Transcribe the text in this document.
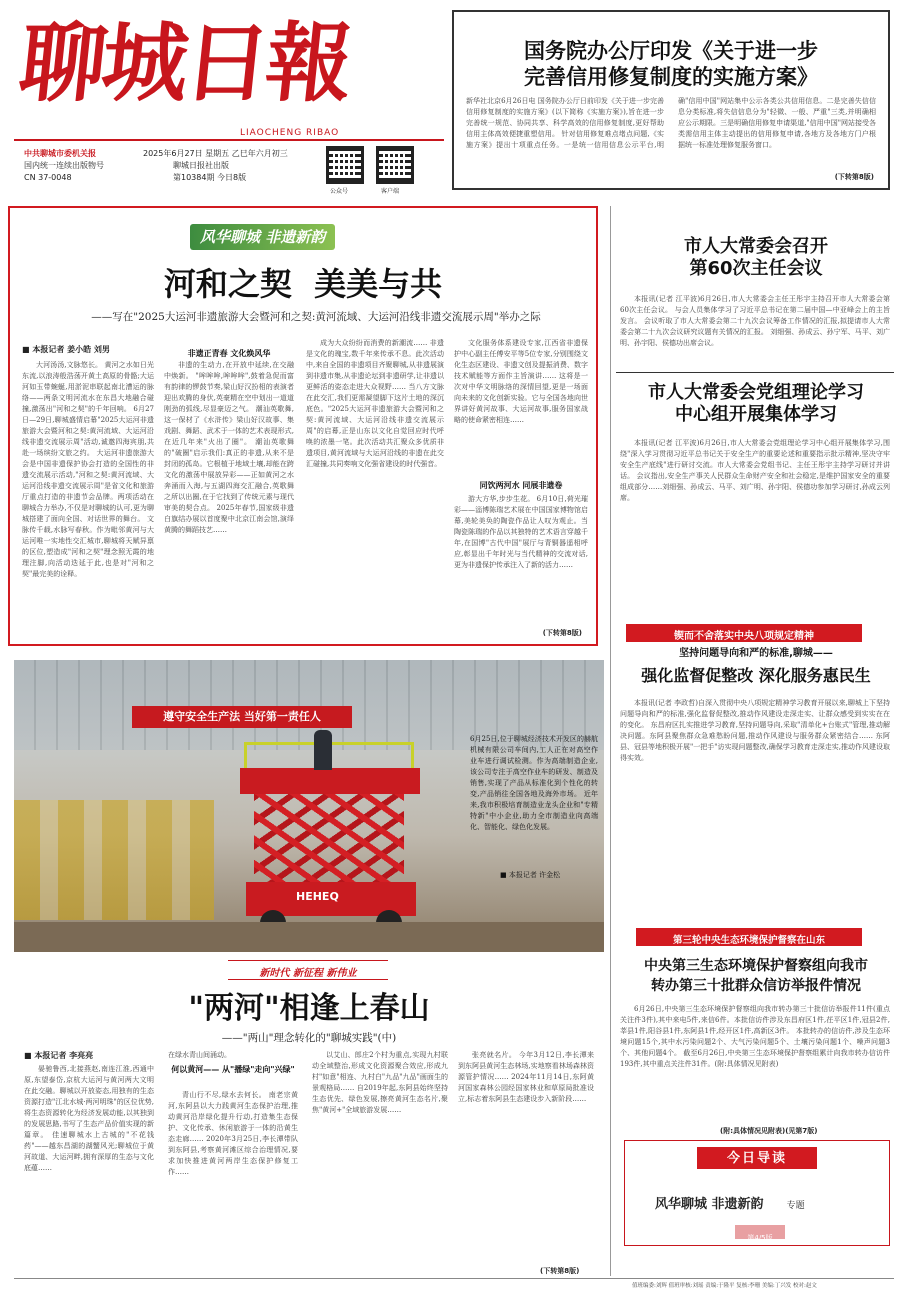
聊城日報
LIAOCHENG RIBAO
中共聊城市委机关报
国内统一连续出版物号
CN 37-0048
2025年6月27日 星期五 乙巳年六月初三
聊城日报社出版
第10384期 今日8版
公众号	客户端
国务院办公厅印发《关于进一步
完善信用修复制度的实施方案》
新华社北京6月26日电 国务院办公厅日前印发《关于进一步完善信用修复制度的实施方案》(以下简称《实施方案》),旨在进一步完善统一规范、协同共享、科学高效的信用修复制度,更好帮助信用主体高效便捷重塑信用。 针对信用修复难点堵点问题,《实施方案》提出十项重点任务。一是统一信用信息公示平台,明确"信用中国"网站集中公示各类公共信用信息。二是完善失信信息分类标准,将失信信息分为"轻微、一般、严重"三类,并明确相应公示期限。三是明确信用修复申请渠道,"信用中国"网站接受各类需信用主体主动提出的信用修复申请,各地方及各地方门户根据统一标准处理修复服务窗口。
(下转第8版)
风华聊城 非遗新韵
河和之契  美美与共
——写在"2025大运河非遗旅游大会暨河和之契:黄河流域、大运河沿线非遗交流展示周"举办之际
■ 本报记者 姜小皓 刘男
大河汤汤,文脉悠长。 黄河之水如日光东流,以浪涛般浩荡开黄土高原的骨骼;大运河如玉带蜿蜒,用淤泥串联起南北漕运的脉络——两条文明河流水在东昌大地融合碰撞,激荡出"河和之契"的千年回响。 6月27日—29日,聊城盛情启幕"2025大运河非遗旅游大会暨河和之契:黄河流域、大运河沿线非遗交流展示周"活动,诚邀四海宾朋,共赴一场缤纷文旅之约。 大运河非遗旅游大会是中国非遗保护协会打造的全国性的非遗交流展示活动,"河和之契:黄河流域、大运河沿线非遗交流展示周"是省文化和旅游厅重点打造的非遗节会品牌。两项活动在聊城合力举办,不仅是对聊城的认可,更为聊城搭建了面向全国、对话世界的舞台。 文脉传千载,水脉写春秋。作为毗邻黄河与大运河唯一实地性交汇城市,聊城将天赋异禀的区位,塑造成"河和之契"理念照无霞的地理注脚,向活动迭延于此,也是对"河和之契"最完美的诠释。
非遗正青春 文化焕风华
非遗的生动力,在开放中延续,在交融中焕新。 "哞哞哞,哞哞哞",鼓着急促而富有韵律的锣鼓节奏,梁山好汉扮相的表演者迎出欢腾的身伏,英豪精在空中划出一道道刚劲的弧线,尽显豪迈之气。 潮汕英歌舞,这一保材了《水浒传》梁山好汉故事、集戏剧、舞蹈、武术于一体的艺术表现形式,在近几年来"火出了圈"。 潮汕英歌舞的"破圈"启示我们:真正的非遗,从来不是封闭的孤岛。它根植于地域土壤,却能在跨文化的激荡中展放异彩——正如黄河之水奔涌而入海,与五湖四海交汇融合,英歌舞之所以出圈,在于它找到了传统元素与现代审美的契合点。 2025年春节,国家级非遗白旗结办展以首度聚中北京江南会馆,演绎黄腾的舞蹈技艺……
成为大众纷纷而消费的新潮流…… 非遗是文化的瑰宝,数千年来传承不息。此次活动中,来自全国的非遗项目齐聚聊城,从非遗展演到非遗市集,从非遗论坛到非遗研学,让非遗以更鲜活的姿态走进大众视野…… 当八方文脉在此交汇,我们更需凝望脚下这片土地的深沉底色。"2025大运河非遗旅游大会暨河和之契:黄河流域、大运河沿线非遗交流展示周"的启幕,正是山东以文化自觉回应时代呼唤的浓墨一笔。此次活动共汇聚众多优质非遗项目,黄河流域与大运河沿线的非遗在此交汇碰撞,共同奏响文化强省建设的时代强音。
文化服务体系建设专家,江西省非遗保护中心副主任傅安平等5位专家,分别围绕文化生态区建设、非遗文创及提振消费、数字技术赋能等方面作主旨演讲…… 这将是一次对中华文明脉络的深情回望,更是一场面向未来的文化创新实验。它与全国各地向世界讲好黄河故事、大运河故事,服务国家战略的使命紧密相连……
同饮两河水 同展非遗卷
游大方华,步步生花。 6月10日,荷光璀彩——淄博陈瑞艺术展在中国国家博物馆启幕,美轮美奂的陶瓷作品让人叹为观止。当陶瓷陈瑞的作品以其独特的艺术语言穿越千年,在国博"古代中国"展厅与青铜器遥相呼应,彰显出千年时光与当代精神的交流对话,更为非遗保护传承注入了新的活力……
(下转第8版)
遵守安全生产法 当好第一责任人
HEHEQ
6月25日,位于聊城经济技术开发区的赫航机械有限公司车间内,工人正在对高空作业车进行调试检测。作为高端制造企业,该公司专注于高空作业车的研发、制造及销售,实现了产品从标准化到个性化的转变,产品销往全国各地及海外市场。 近年来,我市积极培育制造业龙头企业和"专精特新"中小企业,助力全市制造业向高端化、智能化、绿色化发展。
■ 本报记者 许金松
新时代 新征程 新伟业
"两河"相逢上春山
——"两山"理念转化的"聊城实践"(中)
■ 本报记者 李亮亮
晏驰鲁西,北接燕赵,南连江淮,西通中原,东望泰岱,京杭大运河与黄河两大文明在此交融。聊城以开放姿态,用独有的生态资源打造"江北水城·两河明珠"的区位优势,将生态资源转化为经济发展动能,以其独到的发展思路,书写了生态产品价值实现的新篇章。 佳速聊城水上古城的"不花钱药"——越东昌湖的湖蟹风光;聊城位于黄河故道、大运河畔,拥有深厚的生态与文化底蕴……
在绿水青山间涌动。
何以黄河—— 从"播绿"走向"兴绿"
青山行不尽,绿水去何长。 南老宗黄河,东阿县以大力践黄河生态保护治理,推动黄河沿岸绿化提升行动,打造集生态保护、文化传承、休闲旅游于一体的沿黄生态走廊…… 2020年3月25日,李长潭带队到东阿县,考察黄河滩区综合治理情况,要求加快推进黄河两岸生态保护修复工作……
以艾山、郎庄2个村为重点,实现九村联动全域整治,形成文化资源聚合效应,形成九村"如意"相连、九村白"九品"九品"画面生的景观格局…… 自2019年起,东阿县始终坚持生态优先、绿色发展,擦亮黄河生态名片,聚焦"黄河+"全域旅游发展……
张亮就名片。 今年3月12日,李长潭来到东阿县黄河生态林场,实地察看林场森林资源管护情况…… 2024年11月14日,东阿黄河国家森林公园经国家林业和草原局批准设立,标志着东阿县生态建设步入新阶段……
(下转第8版)
市人大常委会召开
第60次主任会议
本报讯(记者 江平波)6月26日,市人大常委会主任王彤宇主持召开市人大常委会第60次主任会议。 与会人员集体学习了习近平总书记在第二届中国—中亚峰会上的主旨发言。 会议听取了市人大常委会第二十九次会议筹备工作情况的汇报,拟提请市人大常委会第二十九次会议研究议题有关情况的汇报。 刘细强、孙成云、孙宁军、马平、刘广明、孙宇阳、侯德功出席会议。
市人大常委会党组理论学习
中心组开展集体学习
本报讯(记者 江平波)6月26日,市人大常委会党组理论学习中心组开展集体学习,围绕"深入学习贯彻习近平总书记关于安全生产的重要论述和重要指示批示精神,坚决守牢安全生产底线"进行研讨交流。市人大常委会党组书记、主任王彤宇主持学习研讨并讲话。 会议指出,安全生产事关人民群众生命财产安全和社会稳定,是维护国家安全的重要组成部分……刘细强、孙成云、马平、刘广明、孙宇阳、侯德功参加学习研讨,孙成云列席。
锲而不舍落实中央八项规定精神
坚持问题导向和严的标准,聊城——
强化监督促整改 深化服务惠民生
本报讯(记者 李政哲)自深入贯彻中央八项规定精神学习教育开展以来,聊城上下坚持问题导向和严的标准,强化监督促整改,推动作风建设走深走实、让群众感受到实实在在的变化。 东昌府区扎实推进学习教育,坚持问题导向,采取"清单化+台账式"管理,推动解决问题。东阿县聚焦群众急难愁盼问题,推动作风建设与服务群众紧密结合…… 东阿县、冠县等地积极开展"一把手"访实现问题整改,确保学习教育走深走实,推动作风建设取得实效。
第三轮中央生态环境保护督察在山东
中央第三生态环境保护督察组向我市
转办第三十批群众信访举报件情况
6月26日,中央第三生态环境保护督察组向我市转办第三十批信访举报件11件(重点关注件3件),其中来电5件,来信6件。本批信访件涉及东昌府区1件,茌平区1件,冠县2件,莘县1件,阳谷县1件,东阿县1件,经开区1件,高新区3件。 本批转办的信访件,涉及生态环境问题15个,其中水污染问题2个、大气污染问题5个、土壤污染问题1个、噪声问题3个、其他问题4个。 截至6月26日,中央第三生态环境保护督察组累计向我市转办信访件193件,其中重点关注件31件。(附:具体情况见附表)
(附:具体情况见附表)(见第7版)
今日导读
风华聊城 非遗新韵	专题
第4/5版
值班编委:刘辉 值班审核:刘瑶 责编:于隆平 复核:李珊 美编:丁兴发 校对:赵文
